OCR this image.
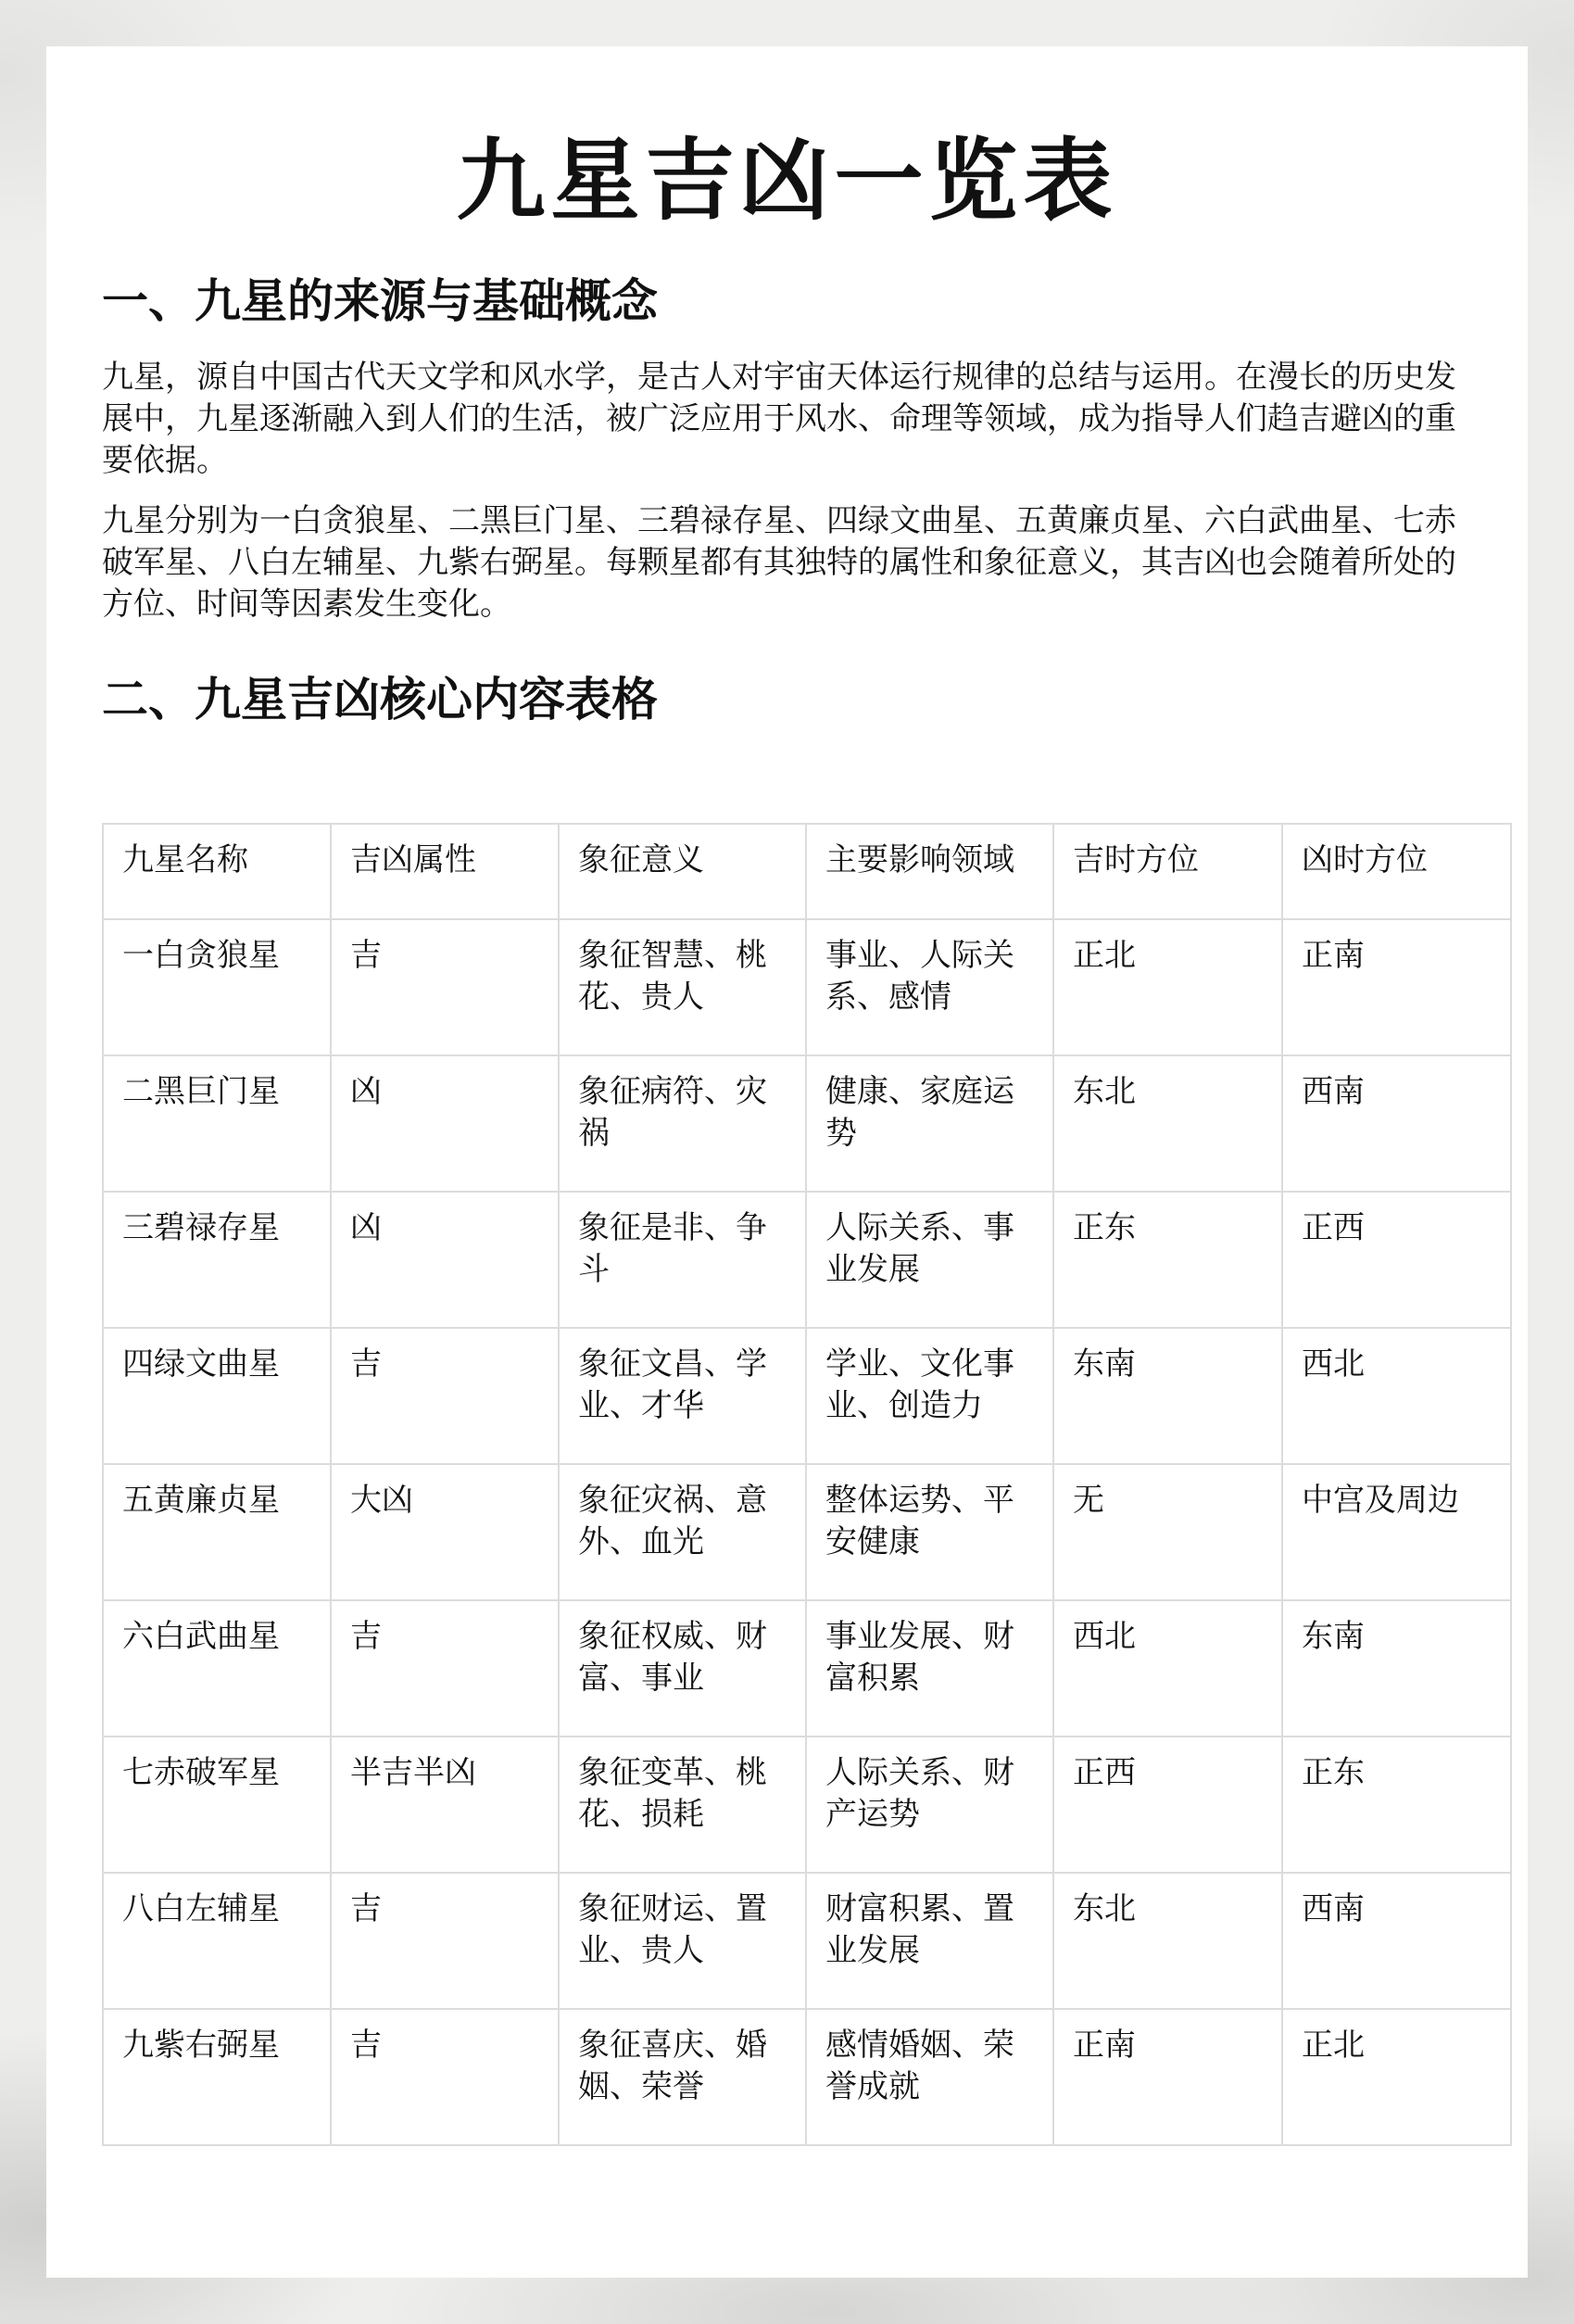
九星吉凶一览表
一、九星的来源与基础概念

九星，源自中国古代天文学和风水学，是古人对宇宙天体运行规律的总结与运用。在漫长的历史发展中，九星逐渐融入到人们的生活，被广泛应用于风水、命理等领域，成为指导人们趋吉避凶的重要依据。

九星分别为一白贪狼星、二黑巨门星、三碧禄存星、四绿文曲星、五黄廉贞星、六白武曲星、七赤破军星、八白左辅星、九紫右弼星。每颗星都有其独特的属性和象征意义，其吉凶也会随着所处的方位、时间等因素发生变化。

二、九星吉凶核心内容表格
九星名称	吉凶属性	象征意义	主要影响领域	吉时方位	凶时方位
一白贪狼星	吉	象征智慧、桃花、贵人	事业、人际关系、感情	正北	正南
二黑巨门星	凶	象征病符、灾祸	健康、家庭运势	东北	西南
三碧禄存星	凶	象征是非、争斗	人际关系、事业发展	正东	正西
四绿文曲星	吉	象征文昌、学业、才华	学业、文化事业、创造力	东南	西北
五黄廉贞星	大凶	象征灾祸、意外、血光	整体运势、平安健康	无	中宫及周边
六白武曲星	吉	象征权威、财富、事业	事业发展、财富积累	西北	东南
七赤破军星	半吉半凶	象征变革、桃花、损耗	人际关系、财产运势	正西	正东
八白左辅星	吉	象征财运、置业、贵人	财富积累、置业发展	东北	西南
九紫右弼星	吉	象征喜庆、婚姻、荣誉	感情婚姻、荣誉成就	正南	正北
